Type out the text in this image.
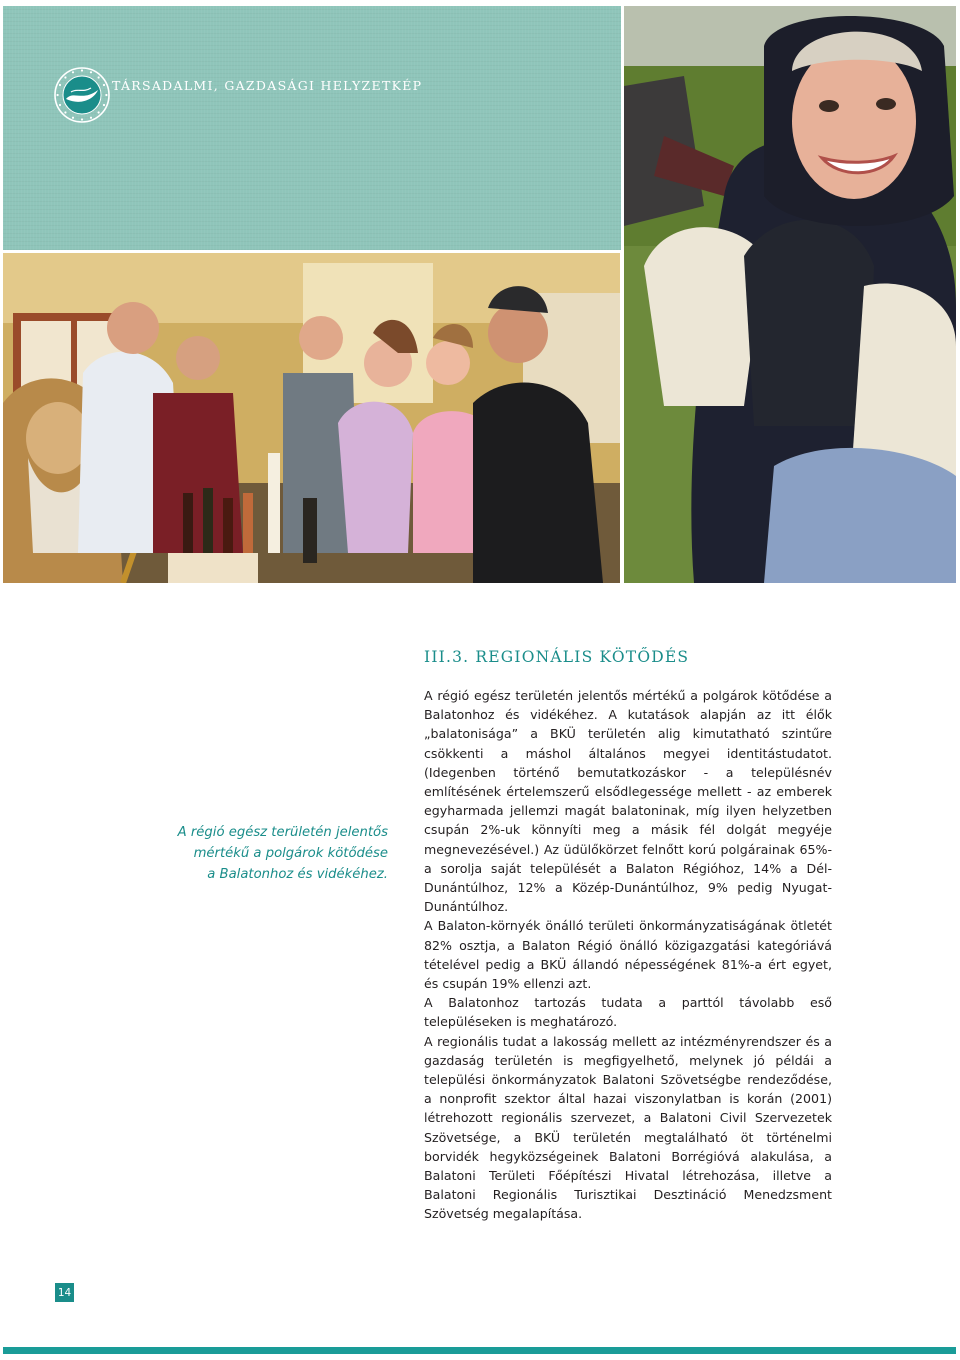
TÁRSADALMI, GAZDASÁGI HELYZETKÉP
III.3. REGIONÁLIS KÖTŐDÉS
A régió egész területén jelentős
mértékű a polgárok kötődése
a Balatonhoz és vidékéhez.

A régió egész területén jelentős mértékű a polgárok kötődése a Balatonhoz és vidékéhez. A kutatások alapján az itt élők „balatonisága” a BKÜ területén alig kimutatható szintűre csökkenti a máshol általános megyei identitástudatot. (Idegenben történő bemutatkozáskor - a településnév említésének értelemszerű elsődlegessége mellett - az emberek egyharmada jellemzi magát balatoninak, míg ilyen helyzetben csupán 2%-uk könnyíti meg a másik fél dolgát megyéje megnevezésével.) Az üdülőkörzet felnőtt korú polgárainak 65%-a sorolja saját települését a Balaton Régióhoz, 14% a Dél-Dunántúlhoz, 12% a Közép-Dunántúlhoz, 9% pedig Nyugat-Dunántúlhoz.

A Balaton-környék önálló területi önkormányzatiságának ötletét 82% osztja, a Balaton Régió önálló közigazgatási kategóriává tételével pedig a BKÜ állandó népességének 81%-a ért egyet, és csupán 19% ellenzi azt.

A Balatonhoz tartozás tudata a parttól távolabb eső településeken is meghatározó.

A regionális tudat a lakosság mellett az intézményrendszer és a gazdaság területén is megfigyelhető, melynek jó példái a települési önkormányzatok Balatoni Szövetségbe rendeződése, a nonprofit szektor által hazai viszonylatban is korán (2001) létrehozott regionális szervezet, a Balatoni Civil Szervezetek Szövetsége, a BKÜ területén megtalálható öt történelmi borvidék hegyközségeinek Balatoni Borrégióvá alakulása, a Balatoni Területi Főépítészi Hivatal létrehozása, illetve a Balatoni Regionális Turisztikai Desztináció Menedzsment Szövetség megalapítása.

14
